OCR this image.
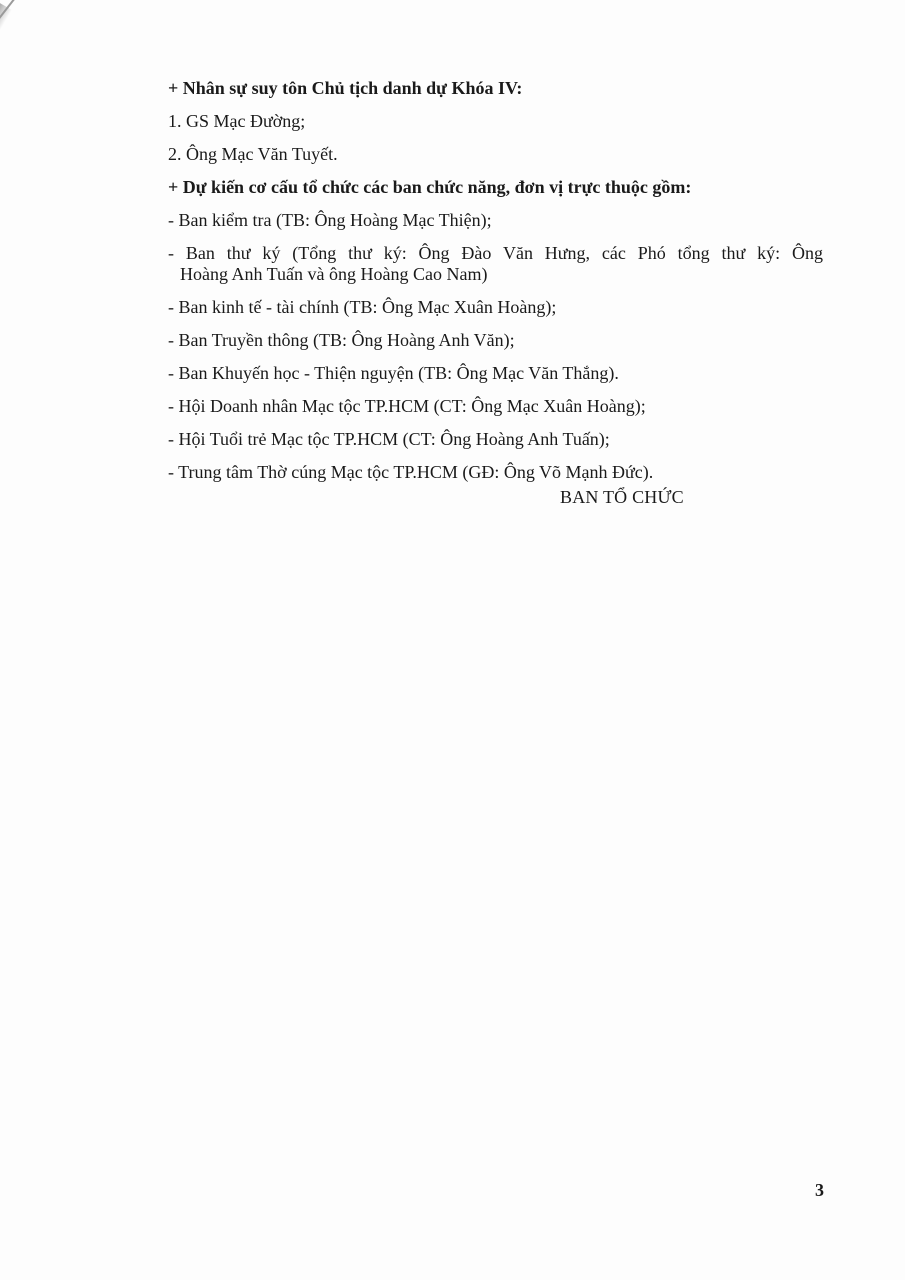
+ Nhân sự suy tôn Chủ tịch danh dự Khóa IV:

1. GS Mạc Đường;

2. Ông Mạc Văn Tuyết.

+ Dự kiến cơ cấu tổ chức các ban chức năng, đơn vị trực thuộc gồm:

- Ban kiểm tra (TB: Ông Hoàng Mạc Thiện);

- Ban thư ký (Tổng thư ký: Ông Đào Văn Hưng, các Phó tổng thư ký: Ông
Hoàng Anh Tuấn và ông Hoàng Cao Nam)

- Ban kinh tế - tài chính (TB: Ông Mạc Xuân Hoàng);

- Ban Truyền thông (TB: Ông Hoàng Anh Văn);

- Ban Khuyến học - Thiện nguyện (TB: Ông Mạc Văn Thắng).

- Hội Doanh nhân Mạc tộc TP.HCM (CT: Ông Mạc Xuân Hoàng);

- Hội Tuổi trẻ Mạc tộc TP.HCM (CT: Ông Hoàng Anh Tuấn);

- Trung tâm Thờ cúng Mạc tộc TP.HCM (GĐ: Ông Võ Mạnh Đức).

BAN TỔ CHỨC
3
